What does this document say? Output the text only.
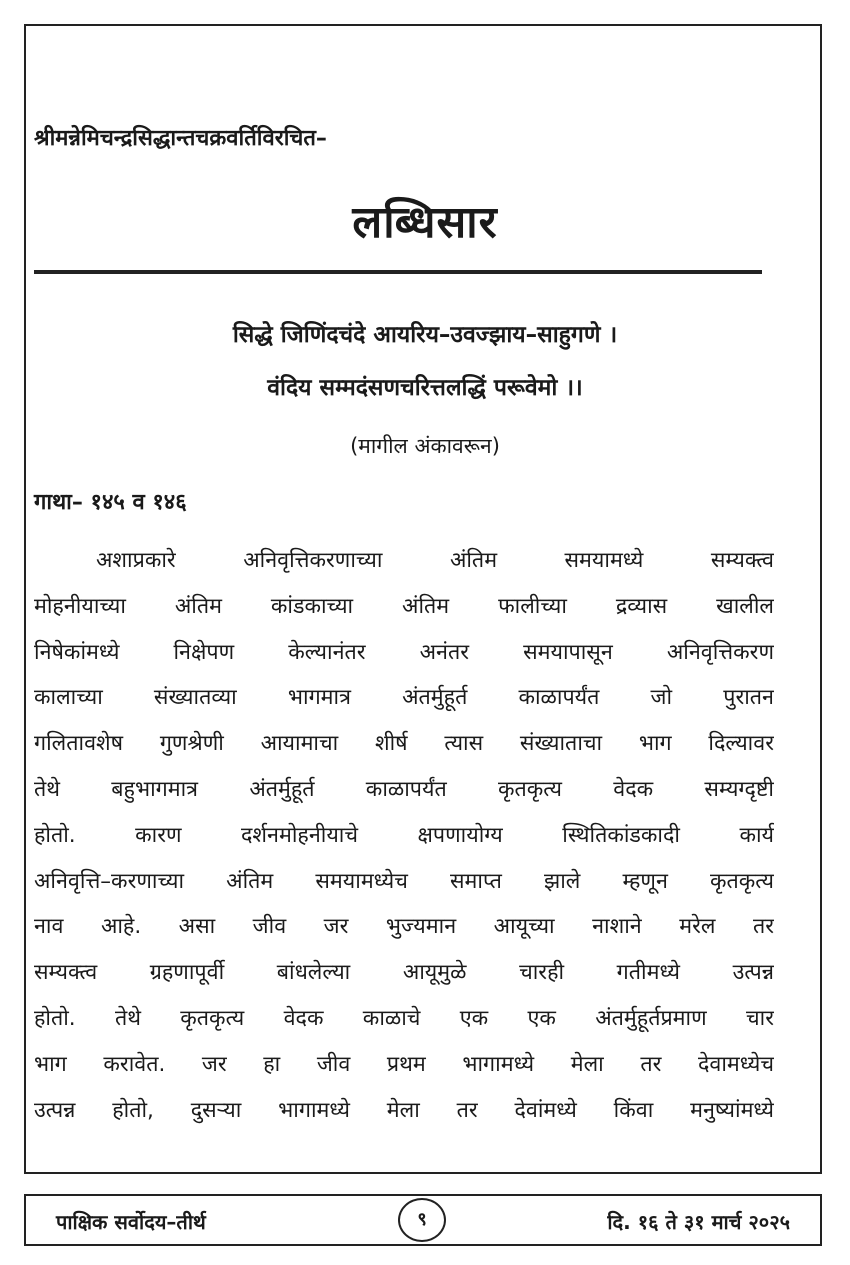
श्रीमन्नेमिचन्द्रसिद्धान्तचक्रवर्तिविरचित–
लब्धिसार
सिद्धे जिणिंदचंदे आयरिय–उवज्झाय–साहुगणे ।
वंदिय सम्मदंसणचरित्तलद्धिं परूवेमो ।।
(मागील अंकावरून)
गाथा– १४५ व १४६
अशाप्रकारे अनिवृत्तिकरणाच्या अंतिम समयामध्ये सम्यक्त्व
मोहनीयाच्या अंतिम कांडकाच्या अंतिम फालीच्या द्रव्यास खालील
निषेकांमध्ये निक्षेपण केल्यानंतर अनंतर समयापासून अनिवृत्तिकरण
कालाच्या संख्यातव्या भागमात्र अंतर्मुहूर्त काळापर्यंत जो पुरातन
गलितावशेष गुणश्रेणी आयामाचा शीर्ष त्यास संख्याताचा भाग दिल्यावर
तेथे बहुभागमात्र अंतर्मुहूर्त काळापर्यंत कृतकृत्य वेदक सम्यग्दृष्टी
होतो. कारण दर्शनमोहनीयाचे क्षपणायोग्य स्थितिकांडकादी कार्य
अनिवृत्ति–करणाच्या अंतिम समयामध्येच समाप्त झाले म्हणून कृतकृत्य
नाव आहे. असा जीव जर भुज्यमान आयूच्या नाशाने मरेल तर
सम्यक्त्व ग्रहणापूर्वी बांधलेल्या आयूमुळे चारही गतीमध्ये उत्पन्न
होतो. तेथे कृतकृत्य वेदक काळाचे एक एक अंतर्मुहूर्तप्रमाण चार
भाग करावेत. जर हा जीव प्रथम भागामध्ये मेला तर देवामध्येच
उत्पन्न होतो, दुसऱ्या भागामध्ये मेला तर देवांमध्ये किंवा मनुष्यांमध्ये
पाक्षिक सर्वोदय–तीर्थ	९	दि. १६ ते ३१ मार्च २०२५
